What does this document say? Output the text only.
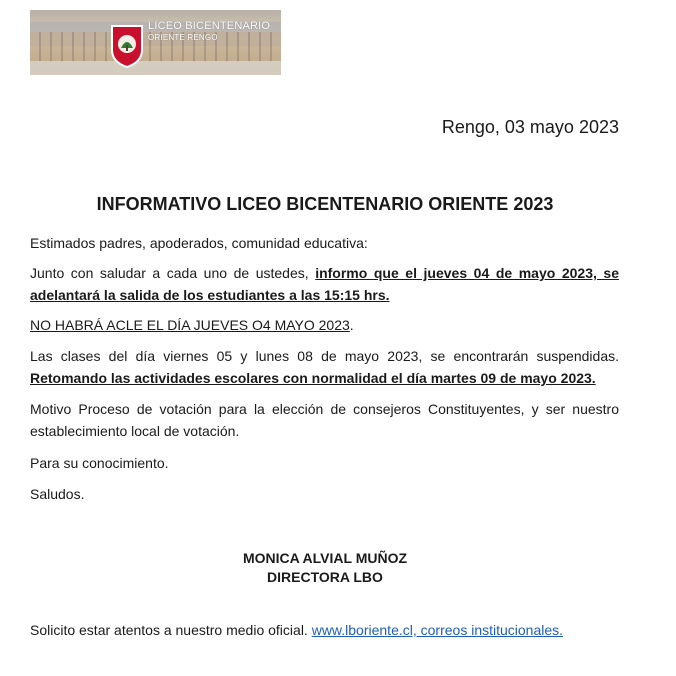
LICEO BICENTENARIO
ORIENTE RENGO
Rengo, 03 mayo 2023
INFORMATIVO LICEO BICENTENARIO ORIENTE 2023
Estimados padres, apoderados, comunidad educativa:
Junto con saludar a cada uno de ustedes, informo que el jueves 04 de mayo 2023, se adelantará la salida de los estudiantes a las 15:15 hrs.
NO HABRÁ ACLE EL DÍA JUEVES O4 MAYO 2023.
Las clases del día viernes 05 y lunes 08 de mayo 2023, se encontrarán suspendidas. Retomando las actividades escolares con normalidad el día martes 09 de mayo 2023.
Motivo Proceso de votación para la elección de consejeros Constituyentes, y ser nuestro establecimiento local de votación.
Para su conocimiento.
Saludos.
MONICA ALVIAL MUÑOZ
DIRECTORA LBO
Solicito estar atentos a nuestro medio oficial. www.lboriente.cl, correos institucionales.
